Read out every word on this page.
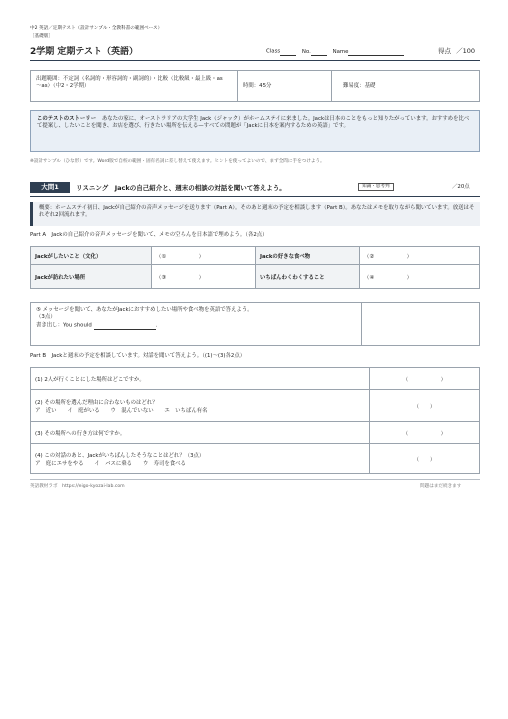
中2 英語／定期テスト（設計サンプル・全教科書の範囲ベース）
［基礎版］
2学期 定期テスト（英語）	Class	No.	Name	得点 ／100
出題範囲：不定詞（名詞的・形容詞的・副詞的）・比較（比較級・最上級・as～as）（中2・2学期）	時間：45分	難易度：基礎
このテストのストーリー あなたの家に、オーストラリアの大学生 Jack（ジャック）がホームステイに来ました。Jackは日本のことをもっと知りたがっています。おすすめを比べて提案し、したいことを聞き、お店を選び、行きたい場所を伝える—すべての問題が「Jackに日本を案内するための英語」です。
※設計サンプル（ひな形）です。Word版で自校の範囲・固有名詞に差し替えて使えます。ヒントを使ってよいので、まず全問に手をつけよう。
大問1	リスニング　Jackの自己紹介と、週末の相談の対話を聞いて答えよう。	知識・思考判	／20点
概要：ホームステイ初日、Jackが自己紹介の音声メッセージを送ります（Part A）。そのあと週末の予定を相談します（Part B）。あなたはメモを取りながら聞いています。放送はそれぞれ2回流れます。
Part A　Jackの自己紹介の音声メッセージを聞いて、メモの空らんを日本語で埋めよう。（各2点）
Jackがしたいこと（文化）	（①　　　　　　）	Jackの好きな食べ物	（②　　　　　　）
Jackが訪れたい場所	（③　　　　　　）	いちばんわくわくすること	（④　　　　　　）
⑤ メッセージを聞いて、あなたがJackにおすすめしたい場所や食べ物を英語で答えよう。
（3点）
書き出し：You should	.
Part B　Jackと週末の予定を相談しています。対話を聞いて答えよう。（(1)～(3)各2点）
(1) 2人が行くことにした場所はどこですか。	（　　　　　　）

(2) その場所を選んだ理由に合わないものはどれ？
ア　近い　　イ　庭がいる　　ウ　混んでいない　　エ　いちばん有名	（　　）

(3) その場所への行き方は何ですか。	（　　　　　　）

(4) この対話のあと、Jackがいちばんしたそうなことはどれ？（3点）
ア　庭にエサをやる　　イ　バスに乗る　　ウ　寿司を食べる	（　　）
英語教材ラボ　https://eigo-kyozai-lab.com	問題はまだ続きます
